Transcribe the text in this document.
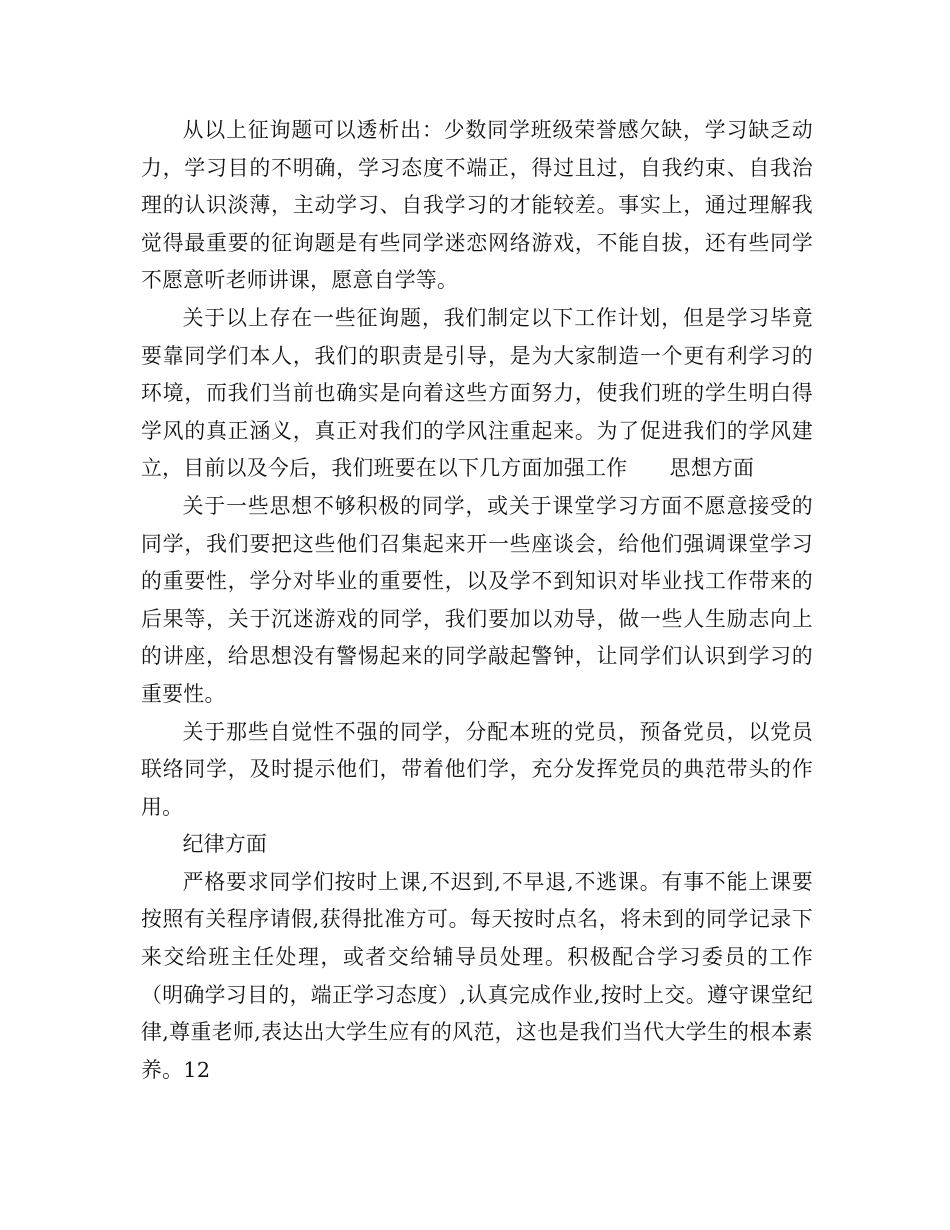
从以上征询题可以透析出：少数同学班级荣誉感欠缺，学习缺乏动力，学习目的不明确，学习态度不端正，得过且过，自我约束、自我治理的认识淡薄，主动学习、自我学习的才能较差。事实上，通过理解我觉得最重要的征询题是有些同学迷恋网络游戏，不能自拔，还有些同学不愿意听老师讲课，愿意自学等。

关于以上存在一些征询题，我们制定以下工作计划，但是学习毕竟要靠同学们本人，我们的职责是引导，是为大家制造一个更有利学习的环境，而我们当前也确实是向着这些方面努力，使我们班的学生明白得学风的真正涵义，真正对我们的学风注重起来。为了促进我们的学风建立，目前以及今后，我们班要在以下几方面加强工作　　思想方面

关于一些思想不够积极的同学，或关于课堂学习方面不愿意接受的同学，我们要把这些他们召集起来开一些座谈会，给他们强调课堂学习的重要性，学分对毕业的重要性，以及学不到知识对毕业找工作带来的后果等，关于沉迷游戏的同学，我们要加以劝导，做一些人生励志向上的讲座，给思想没有警惕起来的同学敲起警钟，让同学们认识到学习的重要性。

关于那些自觉性不强的同学，分配本班的党员，预备党员，以党员联络同学，及时提示他们，带着他们学，充分发挥党员的典范带头的作用。

纪律方面

严格要求同学们按时上课,不迟到,不早退,不逃课。有事不能上课要按照有关程序请假,获得批准方可。每天按时点名，将未到的同学记录下来交给班主任处理，或者交给辅导员处理。积极配合学习委员的工作（明确学习目的，端正学习态度）,认真完成作业,按时上交。遵守课堂纪律,尊重老师,表达出大学生应有的风范，这也是我们当代大学生的根本素养。12
